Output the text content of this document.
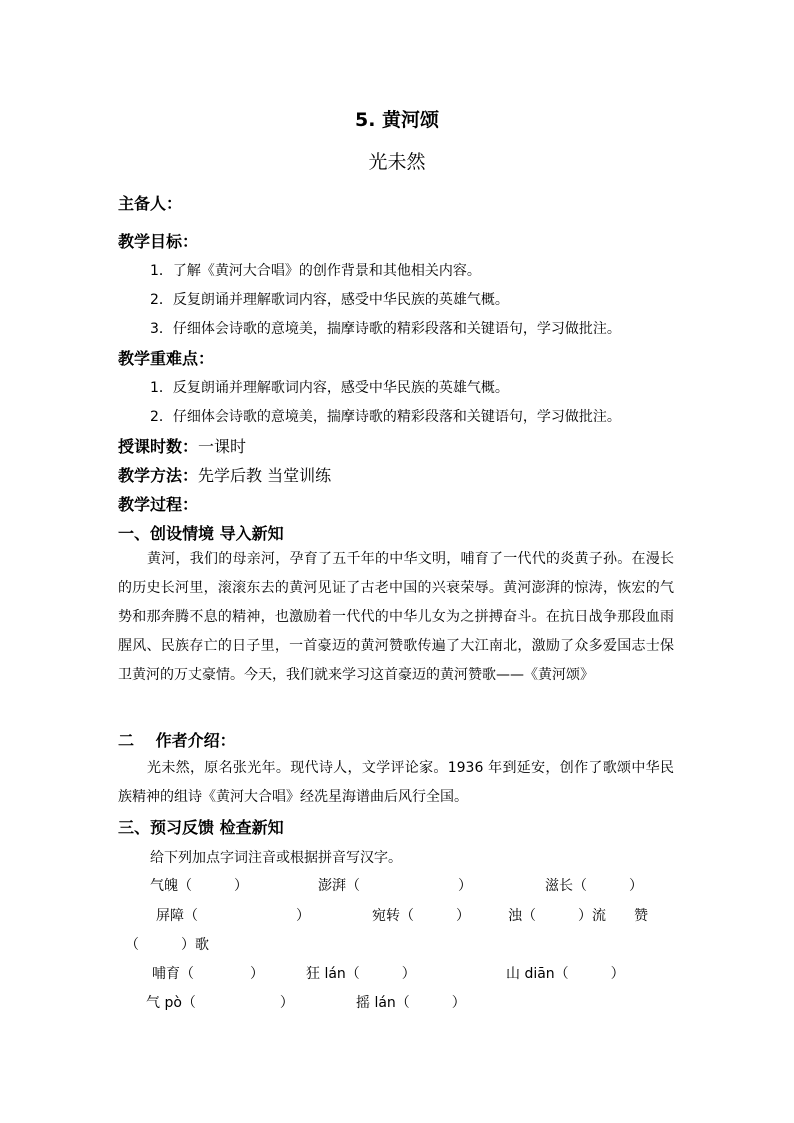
5. 黄河颂
光未然
主备人：
教学目标：
1．了解《黄河大合唱》的创作背景和其他相关内容。
2．反复朗诵并理解歌词内容，感受中华民族的英雄气概。
3．仔细体会诗歌的意境美，揣摩诗歌的精彩段落和关键语句，学习做批注。
教学重难点：
1．反复朗诵并理解歌词内容，感受中华民族的英雄气概。
2．仔细体会诗歌的意境美，揣摩诗歌的精彩段落和关键语句，学习做批注。
授课时数：一课时
教学方法：先学后教 当堂训练
教学过程：
一、创设情境 导入新知
黄河，我们的母亲河，孕育了五千年的中华文明，哺育了一代代的炎黄子孙。在漫长的历史长河里，滚滚东去的黄河见证了古老中国的兴衰荣辱。黄河澎湃的惊涛，恢宏的气势和那奔腾不息的精神，也激励着一代代的中华儿女为之拼搏奋斗。在抗日战争那段血雨腥风、民族存亡的日子里，一首豪迈的黄河赞歌传遍了大江南北，激励了众多爱国志士保卫黄河的万丈豪情。今天，我们就来学习这首豪迈的黄河赞歌——《黄河颂》
二　 作者介绍：
光未然，原名张光年。现代诗人，文学评论家。1936 年到延安，创作了歌颂中华民族精神的组诗《黄河大合唱》经冼星海谱曲后风行全国。
三、预习反馈 检查新知
给下列加点字词注音或根据拼音写汉字。
气魄（　　　）	澎湃（　　　　　　　）	滋长（　　　）
屏障（　　　　　　　）	宛转（　　　）	浊（　　　）流　　赞
（　　　）歌
哺育（　　　　）	狂 lán（　　　）	山 diān（　　　）
气 pò（　　　　　　）	摇 lán（　　　）
